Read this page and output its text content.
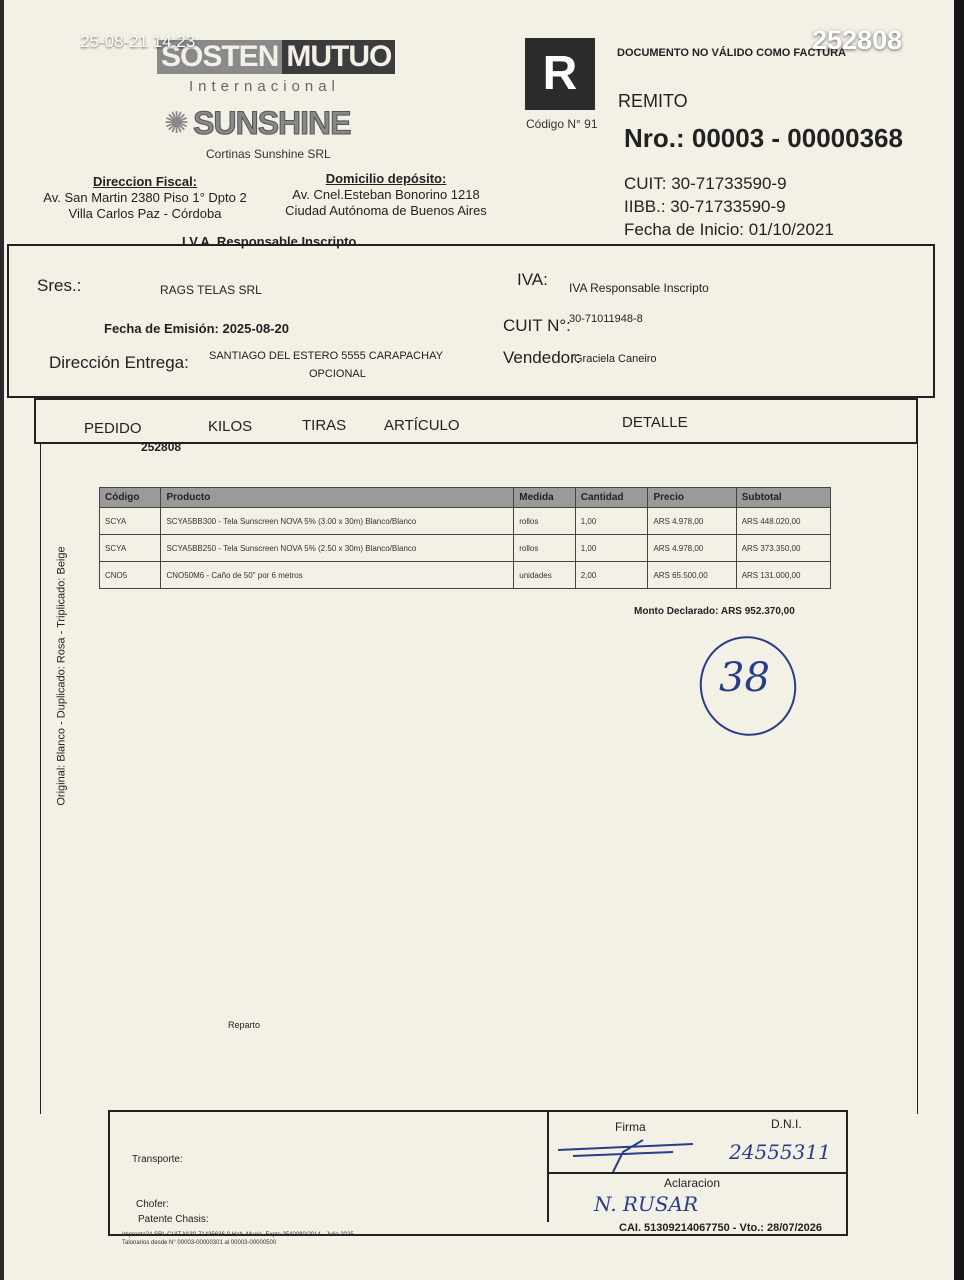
SOSTEN MUTUO
Internacional
✺ SUNSHINE
Cortinas Sunshine SRL
R
Código N° 91
DOCUMENTO NO VÁLIDO COMO FACTURA
REMITO
Nro.: 00003 - 00000368
CUIT: 30-71733590-9
IIBB.: 30-71733590-9
Fecha de Inicio: 01/10/2021
Direccion Fiscal:
Av. San Martin 2380 Piso 1° Dpto 2
Villa Carlos Paz - Córdoba
Domicilio depósito:
Av. Cnel.Esteban Bonorino 1218
Ciudad Autónoma de Buenos Aires
I.V.A. Responsable Inscripto
Sres.:	RAGS TELAS SRL
IVA: IVA Responsable Inscripto
Fecha de Emisión: 2025-08-20	CUIT N°:
30-71011948-8
Dirección Entrega: SANTIAGO DEL ESTERO 5555 CARAPACHAY
OPCIONAL
Vendedor:
Graciela Caneiro
PEDIDO	KILOS	TIRAS	ARTÍCULO	DETALLE
252808
Código	Producto	Medida	Cantidad	Precio	Subtotal
SCYA	SCYA5BB300 - Tela Sunscreen NOVA 5% (3.00 x 30m) Blanco/Blanco	rollos	1,00	ARS 4.978,00	ARS 448.020,00
SCYA	SCYA5BB250 - Tela Sunscreen NOVA 5% (2.50 x 30m) Blanco/Blanco	rollos	1,00	ARS 4.978,00	ARS 373.350,00
CNO5	CNO50M6 - Caño de 50" por 6 metros	unidades	2,00	ARS 65.500,00	ARS 131.000,00
Monto Declarado: ARS 952.370,00
Original: Blanco - Duplicado: Rosa - Triplicado: Beige	38
Reparto
Transporte:
Chofer:
Patente Chasis:
Firma	D.N.I.
24555311
Aclaracion
N. RUSAR
CAI. 51309214067750 - Vto.: 28/07/2026
Imprenta24 SRL CUIT N°30-71435636-0 Hab. Munic. Expte 3540080/2014 - Julio 2025
Talonarios desde N° 00003-00000301 al 00003-00000500
25-08-21 14:23	252808
